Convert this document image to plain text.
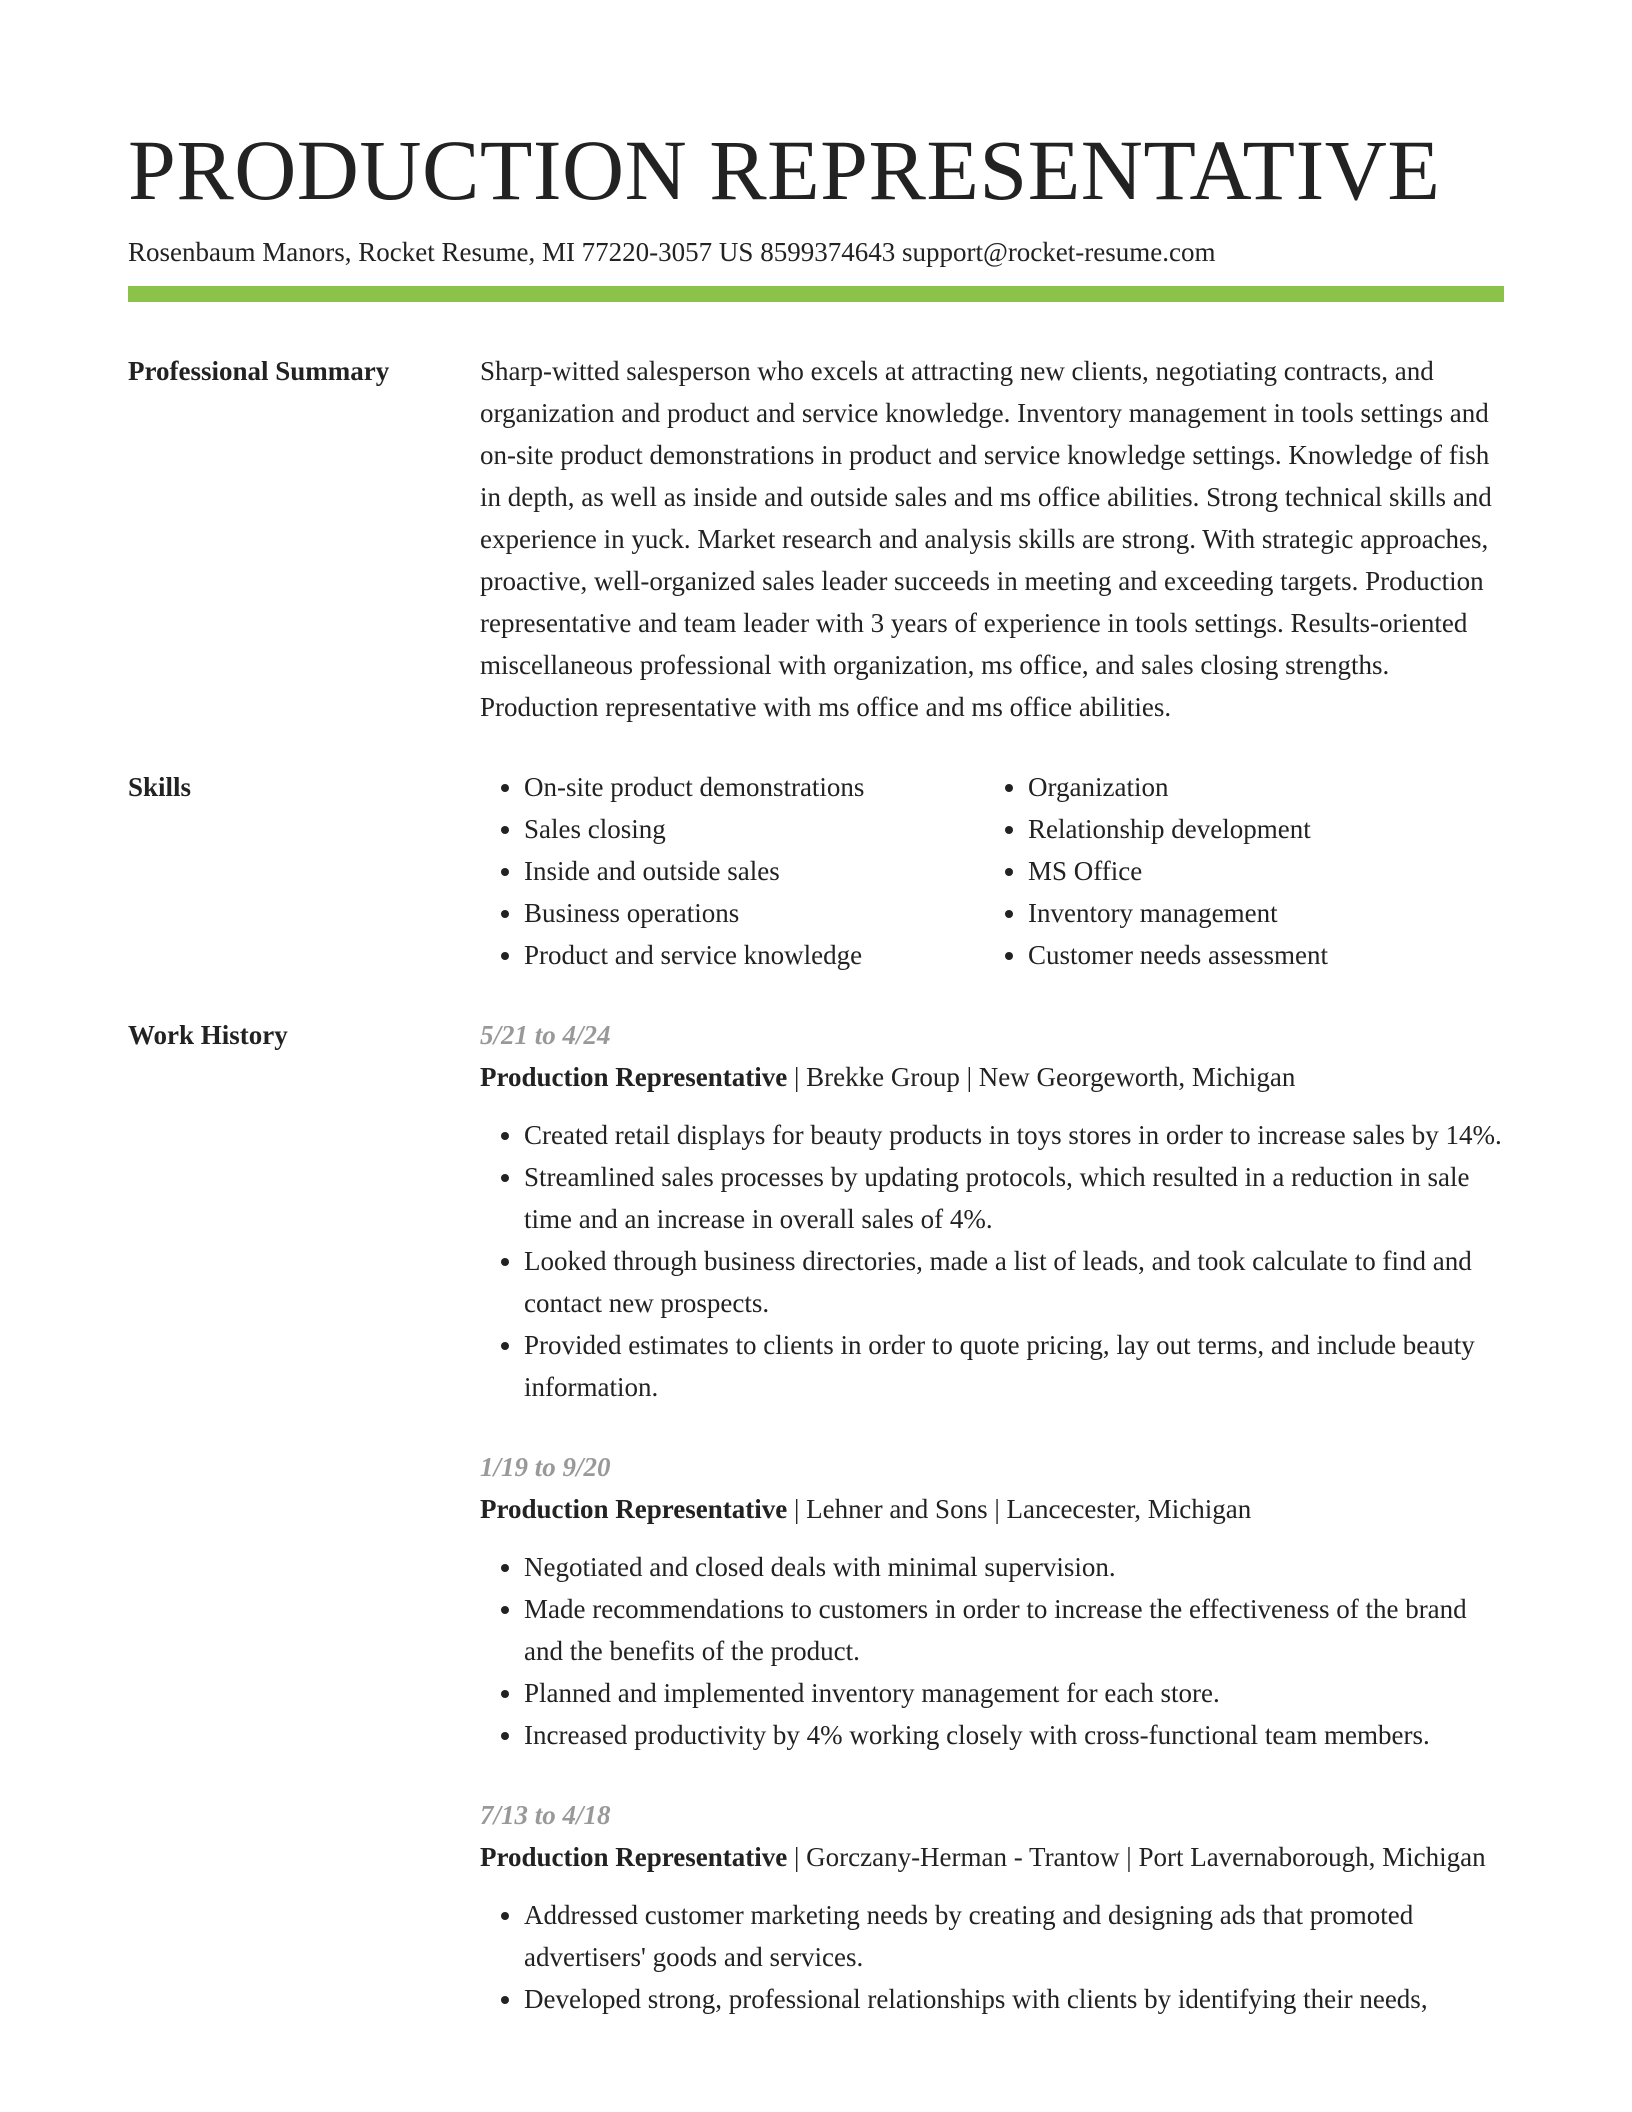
PRODUCTION REPRESENTATIVE
Rosenbaum Manors, Rocket Resume, MI 77220-3057 US 8599374643 support@rocket-resume.com
Professional Summary	Sharp-witted salesperson who excels at attracting new clients, negotiating contracts, and organization and product and service knowledge. Inventory management in tools settings and on-site product demonstrations in product and service knowledge settings. Knowledge of fish in depth, as well as inside and outside sales and ms office abilities. Strong technical skills and experience in yuck. Market research and analysis skills are strong. With strategic approaches, proactive, well-organized sales leader succeeds in meeting and exceeding targets. Production representative and team leader with 3 years of experience in tools settings. Results-oriented miscellaneous professional with organization, ms office, and sales closing strengths. Production representative with ms office and ms office abilities.

Skills
•	On-site product demonstrations
• Sales closing
• Inside and outside sales
• Business operations
• Product and service knowledge
• Organization
• Relationship development
• MS Office
• Inventory management
• Customer needs assessment
Work History	5/21 to 4/24
Production Representative | Brekke Group | New Georgeworth, Michigan
• Created retail displays for beauty products in toys stores in order to increase sales by 14%.
• Streamlined sales processes by updating protocols, which resulted in a reduction in sale time and an increase in overall sales of 4%.
• Looked through business directories, made a list of leads, and took calculate to find and contact new prospects.
• Provided estimates to clients in order to quote pricing, lay out terms, and include beauty information.
1/19 to 9/20
Production Representative | Lehner and Sons | Lancecester, Michigan
• Negotiated and closed deals with minimal supervision.
• Made recommendations to customers in order to increase the effectiveness of the brand and the benefits of the product.
• Planned and implemented inventory management for each store.
• Increased productivity by 4% working closely with cross-functional team members.
7/13 to 4/18
Production Representative | Gorczany-Herman - Trantow | Port Lavernaborough, Michigan
• Addressed customer marketing needs by creating and designing ads that promoted advertisers' goods and services.
• Developed strong, professional relationships with clients by identifying their needs,
